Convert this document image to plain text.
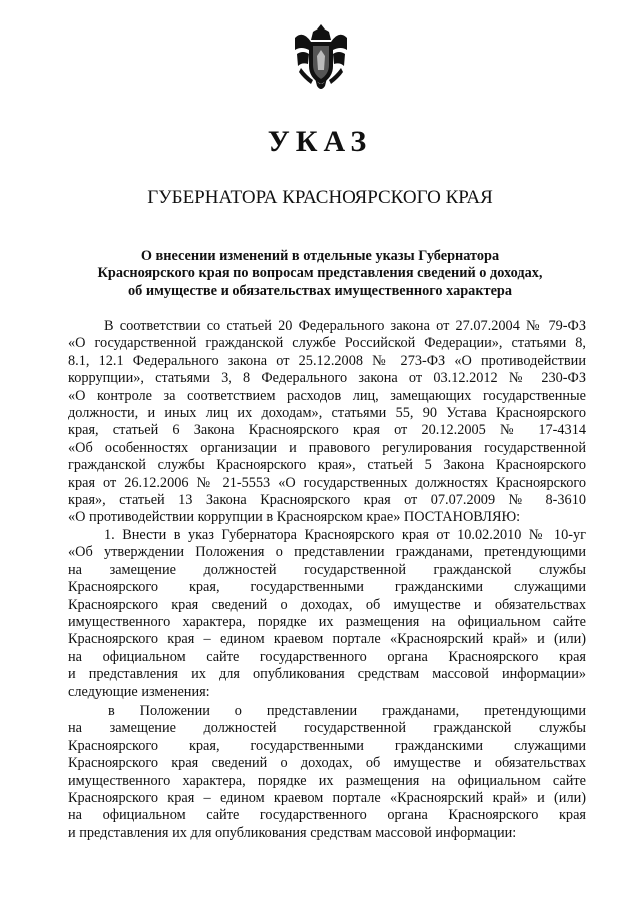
УКАЗ
ГУБЕРНАТОРА КРАСНОЯРСКОГО КРАЯ
О внесении изменений в отдельные указы Губернатора
Красноярского края по вопросам представления сведений о доходах,
об имуществе и обязательствах имущественного характера
В соответствии со статьей 20 Федерального закона от 27.07.2004 № 79-ФЗ
«О государственной гражданской службе Российской Федерации», статьями 8,
8.1, 12.1 Федерального закона от 25.12.2008 № 273-ФЗ «О противодействии
коррупции», статьями 3, 8 Федерального закона от 03.12.2012 № 230-ФЗ
«О контроле за соответствием расходов лиц, замещающих государственные
должности, и иных лиц их доходам», статьями 55, 90 Устава Красноярского
края, статьей 6 Закона Красноярского края от 20.12.2005 № 17-4314
«Об особенностях организации и правового регулирования государственной
гражданской службы Красноярского края», статьей 5 Закона Красноярского
края от 26.12.2006 № 21-5553 «О государственных должностях Красноярского
края», статьей 13 Закона Красноярского края от 07.07.2009 № 8-3610
«О противодействии коррупции в Красноярском крае» ПОСТАНОВЛЯЮ:
1. Внести в указ Губернатора Красноярского края от 10.02.2010 № 10-уг
«Об утверждении Положения о представлении гражданами, претендующими
на замещение должностей государственной гражданской службы
Красноярского края, государственными гражданскими служащими
Красноярского края сведений о доходах, об имуществе и обязательствах
имущественного характера, порядке их размещения на официальном сайте
Красноярского края – едином краевом портале «Красноярский край» и (или)
на официальном сайте государственного органа Красноярского края
и представления их для опубликования средствам массовой информации»
следующие изменения:
в Положении о представлении гражданами, претендующими
на замещение должностей государственной гражданской службы
Красноярского края, государственными гражданскими служащими
Красноярского края сведений о доходах, об имуществе и обязательствах
имущественного характера, порядке их размещения на официальном сайте
Красноярского края – едином краевом портале «Красноярский край» и (или)
на официальном сайте государственного органа Красноярского края
и представления их для опубликования средствам массовой информации:
